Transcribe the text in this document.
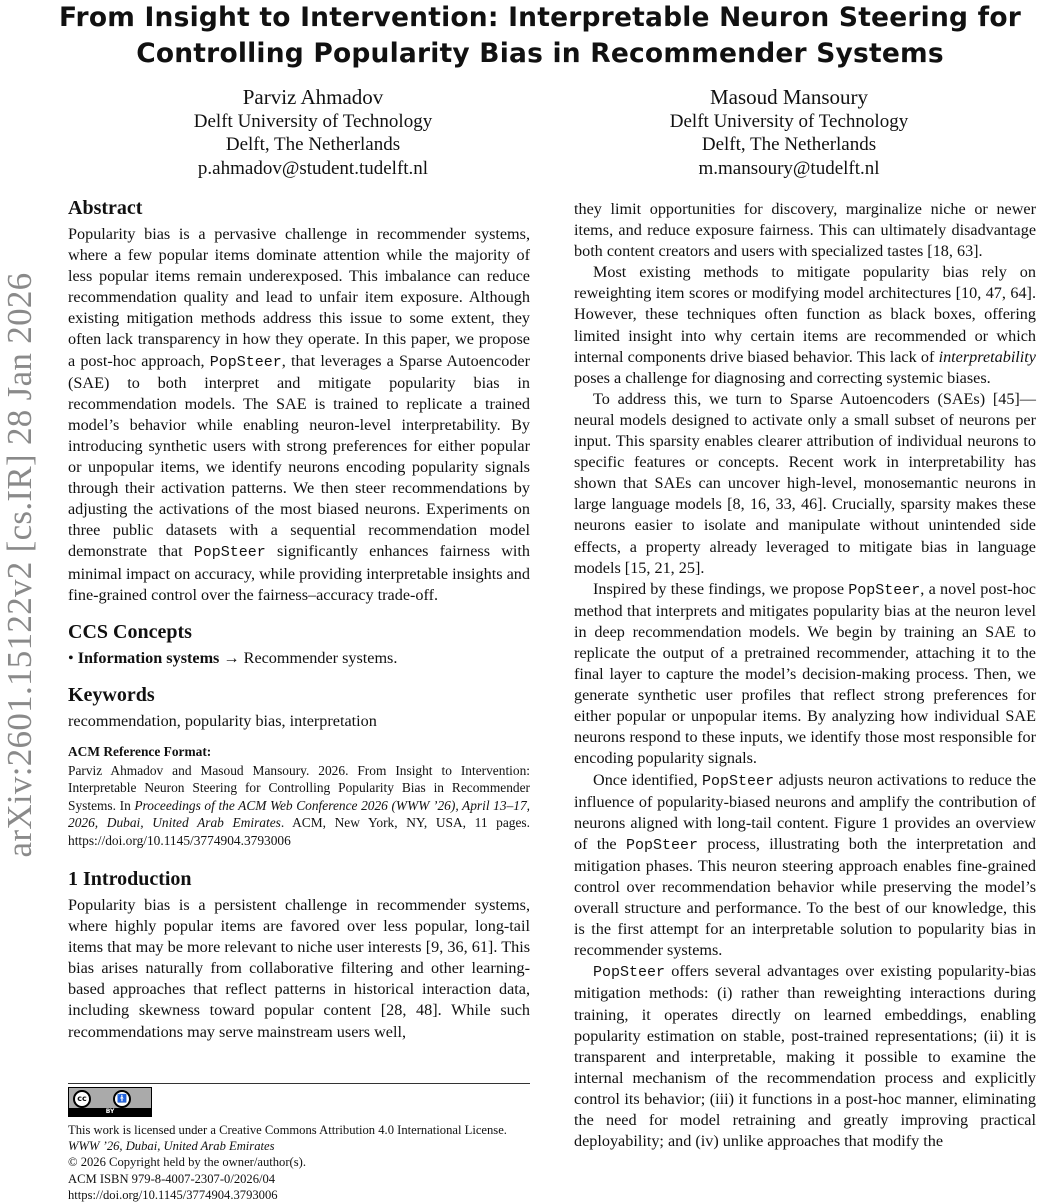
arXiv:2601.15122v2 [cs.IR] 28 Jan 2026
From Insight to Intervention: Interpretable Neuron Steering for
Controlling Popularity Bias in Recommender Systems
Parviz Ahmadov
Delft University of Technology
Delft, The Netherlands
p.ahmadov@student.tudelft.nl
Masoud Mansoury
Delft University of Technology
Delft, The Netherlands
m.mansoury@tudelft.nl
Abstract

Popularity bias is a pervasive challenge in recommender systems, where a few popular items dominate attention while the majority of less popular items remain underexposed. This imbalance can reduce recommendation quality and lead to unfair item exposure. Although existing mitigation methods address this issue to some extent, they often lack transparency in how they operate. In this paper, we propose a post-hoc approach, PopSteer, that leverages a Sparse Autoencoder (SAE) to both interpret and mitigate popularity bias in recommendation models. The SAE is trained to replicate a trained model’s behavior while enabling neuron-level interpretability. By introducing synthetic users with strong preferences for either popular or unpopular items, we identify neurons encoding popularity signals through their activation patterns. We then steer recommendations by adjusting the activations of the most biased neurons. Experiments on three public datasets with a sequential recommendation model demonstrate that PopSteer significantly enhances fairness with minimal impact on accuracy, while providing interpretable insights and fine-grained control over the fairness–accuracy trade-off.

CCS Concepts

• Information systems → Recommender systems.

Keywords

recommendation, popularity bias, interpretation

ACM Reference Format:

Parviz Ahmadov and Masoud Mansoury. 2026. From Insight to Intervention: Interpretable Neuron Steering for Controlling Popularity Bias in Recommender Systems. In Proceedings of the ACM Web Conference 2026 (WWW ’26), April 13–17, 2026, Dubai, United Arab Emirates. ACM, New York, NY, USA, 11 pages. https://doi.org/10.1145/3774904.3793006

1 Introduction

Popularity bias is a persistent challenge in recommender systems, where highly popular items are favored over less popular, long-tail items that may be more relevant to niche user interests [9, 36, 61]. This bias arises naturally from collaborative filtering and other learning-based approaches that reflect patterns in historical interaction data, including skewness toward popular content [28, 48]. While such recommendations may serve mainstream users well,

they limit opportunities for discovery, marginalize niche or newer items, and reduce exposure fairness. This can ultimately disadvantage both content creators and users with specialized tastes [18, 63].

Most existing methods to mitigate popularity bias rely on reweighting item scores or modifying model architectures [10, 47, 64]. However, these techniques often function as black boxes, offering limited insight into why certain items are recommended or which internal components drive biased behavior. This lack of interpretability poses a challenge for diagnosing and correcting systemic biases.

To address this, we turn to Sparse Autoencoders (SAEs) [45]—neural models designed to activate only a small subset of neurons per input. This sparsity enables clearer attribution of individual neurons to specific features or concepts. Recent work in interpretability has shown that SAEs can uncover high-level, monosemantic neurons in large language models [8, 16, 33, 46]. Crucially, sparsity makes these neurons easier to isolate and manipulate without unintended side effects, a property already leveraged to mitigate bias in language models [15, 21, 25].

Inspired by these findings, we propose PopSteer, a novel post-hoc method that interprets and mitigates popularity bias at the neuron level in deep recommendation models. We begin by training an SAE to replicate the output of a pretrained recommender, attaching it to the final layer to capture the model’s decision-making process. Then, we generate synthetic user profiles that reflect strong preferences for either popular or unpopular items. By analyzing how individual SAE neurons respond to these inputs, we identify those most responsible for encoding popularity signals.

Once identified, PopSteer adjusts neuron activations to reduce the influence of popularity-biased neurons and amplify the contribution of neurons aligned with long-tail content. Figure 1 provides an overview of the PopSteer process, illustrating both the interpretation and mitigation phases. This neuron steering approach enables fine-grained control over recommendation behavior while preserving the model’s overall structure and performance. To the best of our knowledge, this is the first attempt for an interpretable solution to popularity bias in recommender systems.

PopSteer offers several advantages over existing popularity-bias mitigation methods: (i) rather than reweighting interactions during training, it operates directly on learned embeddings, enabling popularity estimation on stable, post-trained representations; (ii) it is transparent and interpretable, making it possible to examine the internal mechanism of the recommendation process and explicitly control its behavior; (iii) it functions in a post-hoc manner, eliminating the need for model retraining and greatly improving practical deployability; and (iv) unlike approaches that modify the

cc	🚹
BY
This work is licensed under a Creative Commons Attribution 4.0 International License.
WWW ’26, Dubai, United Arab Emirates
© 2026 Copyright held by the owner/author(s).
ACM ISBN 979-8-4007-2307-0/2026/04
https://doi.org/10.1145/3774904.3793006
